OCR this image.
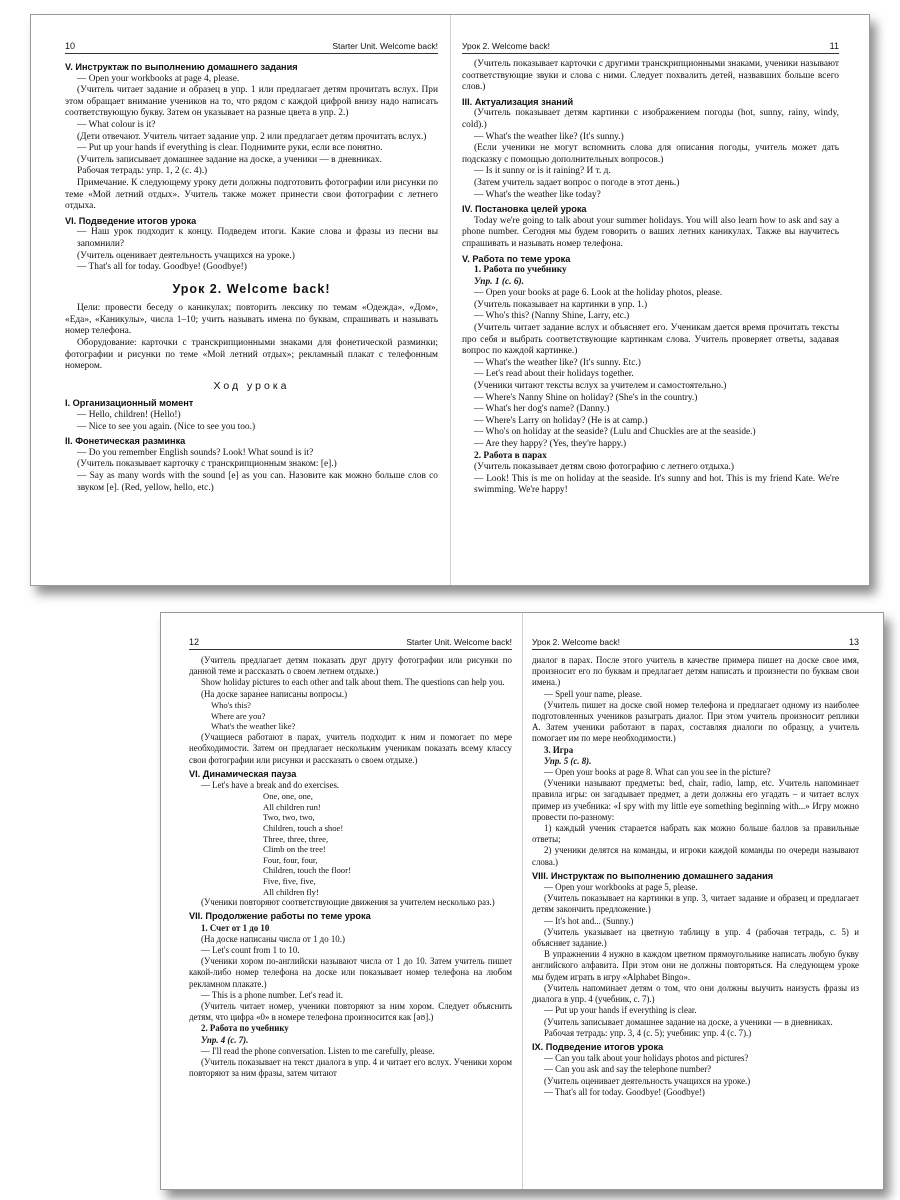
10	Starter Unit. Welcome back!

V. Инструктаж по выполнению домашнего задания

— Open your workbooks at page 4, please.

(Учитель читает задание и образец в упр. 1 или предлагает детям прочитать вслух. При этом обращает внимание учеников на то, что рядом с каждой цифрой внизу надо написать соответствующую букву. Затем он указывает на разные цвета в упр. 2.)

— What colour is it?

(Дети отвечают. Учитель читает задание упр. 2 или предлагает детям прочитать вслух.)

— Put up your hands if everything is clear. Поднимите руки, если все понятно.

(Учитель записывает домашнее задание на доске, а ученики — в дневниках.

Рабочая тетрадь: упр. 1, 2 (с. 4).)

Примечание. К следующему уроку дети должны подготовить фотографии или рисунки по теме «Мой летний отдых». Учитель также может принести свои фотографии с летнего отдыха.

VI. Подведение итогов урока

— Наш урок подходит к концу. Подведем итоги. Какие слова и фразы из песни вы запомнили?

(Учитель оценивает деятельность учащихся на уроке.)

— That's all for today. Goodbye! (Goodbye!)

Урок 2. Welcome back!

Цели: провести беседу о каникулах; повторить лексику по темам «Одежда», «Дом», «Еда», «Каникулы», числа 1–10; учить называть имена по буквам, спрашивать и называть номер телефона.

Оборудование: карточки с транскрипционными знаками для фонетической разминки; фотографии и рисунки по теме «Мой летний отдых»; рекламный плакат с телефонным номером.

Ход урока

I. Организационный момент

— Hello, children! (Hello!)

— Nice to see you again. (Nice to see you too.)

II. Фонетическая разминка

— Do you remember English sounds? Look! What sound is it?

(Учитель показывает карточку с транскрипционным знаком: [e].)

— Say as many words with the sound [e] as you can. Назовите как можно больше слов со звуком [e]. (Red, yellow, hello, etc.)

Урок 2. Welcome back!	11

(Учитель показывает карточки с другими транскрипционными знаками, ученики называют соответствующие звуки и слова с ними. Следует похвалить детей, назвавших больше всего слов.)

III. Актуализация знаний

(Учитель показывает детям картинки с изображением погоды (hot, sunny, rainy, windy, cold).)

— What's the weather like? (It's sunny.)

(Если ученики не могут вспомнить слова для описания погоды, учитель может дать подсказку с помощью дополнительных вопросов.)

— Is it sunny or is it raining? И т. д.

(Затем учитель задает вопрос о погоде в этот день.)

— What's the weather like today?

IV. Постановка целей урока

Today we're going to talk about your summer holidays. You will also learn how to ask and say a phone number. Сегодня мы будем говорить о ваших летних каникулах. Также вы научитесь спрашивать и называть номер телефона.

V. Работа по теме урока

1. Работа по учебнику

Упр. 1 (с. 6).

— Open your books at page 6. Look at the holiday photos, please.

(Учитель показывает на картинки в упр. 1.)

— Who's this? (Nanny Shine, Larry, etc.)

(Учитель читает задание вслух и объясняет его. Ученикам дается время прочитать тексты про себя и выбрать соответствующие картинкам слова. Учитель проверяет ответы, задавая вопрос по каждой картинке.)

— What's the weather like? (It's sunny. Etc.)

— Let's read about their holidays together.

(Ученики читают тексты вслух за учителем и самостоятельно.)

— Where's Nanny Shine on holiday? (She's in the country.)

— What's her dog's name? (Danny.)

— Where's Larry on holiday? (He is at camp.)

— Who's on holiday at the seaside? (Lulu and Chuckles are at the seaside.)

— Are they happy? (Yes, they're happy.)

2. Работа в парах

(Учитель показывает детям свою фотографию с летнего отдыха.)

— Look! This is me on holiday at the seaside. It's sunny and hot. This is my friend Kate. We're swimming. We're happy!

12	Starter Unit. Welcome back!

(Учитель предлагает детям показать друг другу фотографии или рисунки по данной теме и рассказать о своем летнем отдыхе.)

Show holiday pictures to each other and talk about them. The questions can help you.

(На доске заранее написаны вопросы.)

Who's this?

Where are you?

What's the weather like?

(Учащиеся работают в парах, учитель подходит к ним и помогает по мере необходимости. Затем он предлагает нескольким ученикам показать всему классу свои фотографии или рисунки и рассказать о своем отдыхе.)

VI. Динамическая пауза

— Let's have a break and do exercises.

One, one, one,

All children run!

Two, two, two,

Children, touch a shoe!

Three, three, three,

Climb on the tree!

Four, four, four,

Children, touch the floor!

Five, five, five,

All children fly!

(Ученики повторяют соответствующие движения за учителем несколько раз.)

VII. Продолжение работы по теме урока

1. Счет от 1 до 10

(На доске написаны числа от 1 до 10.)

— Let's count from 1 to 10.

(Ученики хором по-английски называют числа от 1 до 10. Затем учитель пишет какой-либо номер телефона на доске или показывает номер телефона на любом рекламном плакате.)

— This is a phone number. Let's read it.

(Учитель читает номер, ученики повторяют за ним хором. Следует объяснить детям, что цифра «0» в номере телефона произносится как [əʊ].)

2. Работа по учебнику

Упр. 4 (с. 7).

— I'll read the phone conversation. Listen to me carefully, please.

(Учитель показывает на текст диалога в упр. 4 и читает его вслух. Ученики хором повторяют за ним фразы, затем читают

Урок 2. Welcome back!	13

диалог в парах. После этого учитель в качестве примера пишет на доске свое имя, произносит его по буквам и предлагает детям написать и произнести по буквам свои имена.)

— Spell your name, please.

(Учитель пишет на доске свой номер телефона и предлагает одному из наиболее подготовленных учеников разыграть диалог. При этом учитель произносит реплики А. Затем ученики работают в парах, составляя диалоги по образцу, а учитель помогает им по мере необходимости.)

3. Игра

Упр. 5 (с. 8).

— Open your books at page 8. What can you see in the picture?

(Ученики называют предметы: bed, chair, radio, lamp, etc. Учитель напоминает правила игры: он загадывает предмет, а дети должны его угадать – и читает вслух пример из учебника: «I spy with my little eye something beginning with...» Игру можно провести по-разному:

1) каждый ученик старается набрать как можно больше баллов за правильные ответы;

2) ученики делятся на команды, и игроки каждой команды по очереди называют слова.)

VIII. Инструктаж по выполнению домашнего задания

— Open your workbooks at page 5, please.

(Учитель показывает на картинки в упр. 3, читает задание и образец и предлагает детям закончить предложение.)

— It's hot and... (Sunny.)

(Учитель указывает на цветную таблицу в упр. 4 (рабочая тетрадь, с. 5) и объясняет задание.)

В упражнении 4 нужно в каждом цветном прямоугольнике написать любую букву английского алфавита. При этом они не должны повторяться. На следующем уроке мы будем играть в игру «Alphabet Bingo».

(Учитель напоминает детям о том, что они должны выучить наизусть фразы из диалога в упр. 4 (учебник, с. 7).)

— Put up your hands if everything is clear.

(Учитель записывает домашнее задание на доске, а ученики — в дневниках.

Рабочая тетрадь: упр. 3, 4 (с. 5); учебник: упр. 4 (с. 7).)

IX. Подведение итогов урока

— Can you talk about your holidays photos and pictures?

— Can you ask and say the telephone number?

(Учитель оценивает деятельность учащихся на уроке.)

— That's all for today. Goodbye! (Goodbye!)
